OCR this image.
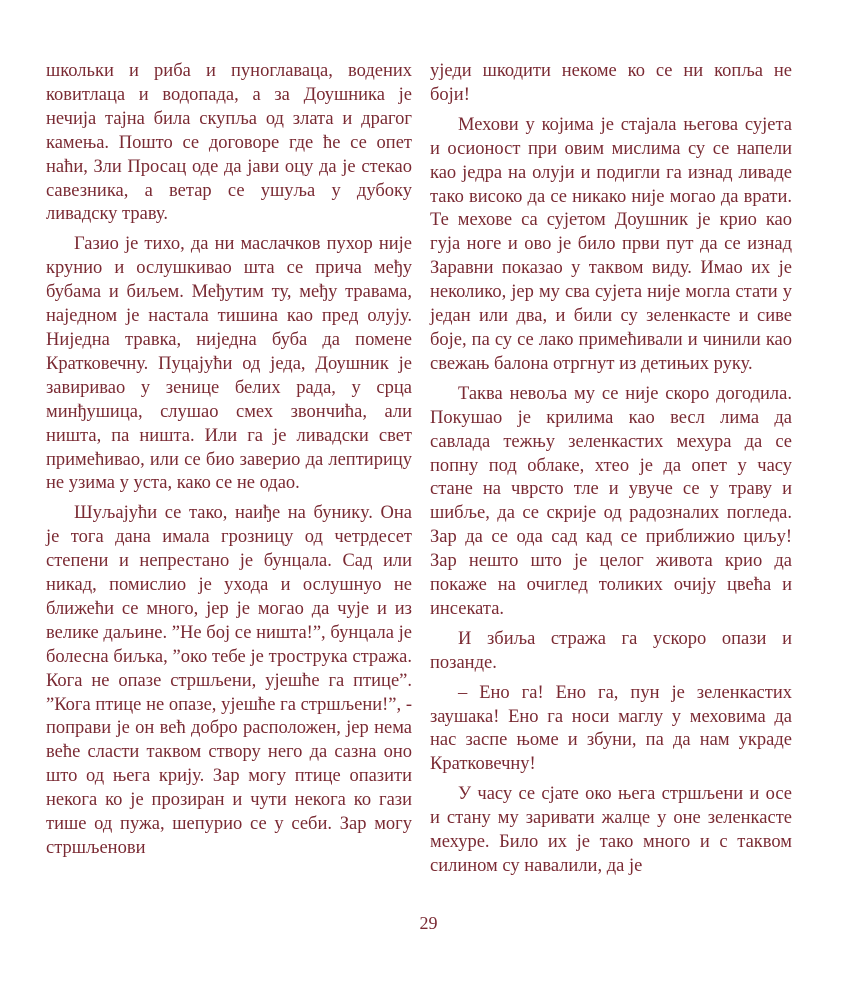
школьки и риба и пуноглаваца, водених ковитлаца и водопада, а за Доушника је нечија тајна била скупља од злата и драгог камења. Пошто се договоре где ће се опет наћи, Зли Просац оде да јави оцу да је стекао савезника, а ветар се ушуља у дубоку ливадску траву.

Газио је тихо, да ни маслачков пухор није крунио и ослушкивао шта се прича међу бубама и биљем. Међутим ту, међу травама, наједном је настала тишина као пред олују. Ниједна травка, ниједна буба да помене Кратковечну. Пуцајући од једа, Доушник је завиривао у зенице белих рада, у срца минђушица, слушао смех звончића, али ништа, па ништа. Или га је ливадски свет примећивао, или се био заверио да лептирицу не узима у уста, како се не одао.

Шуљајући се тако, наиђе на буникy. Она је тога дана имала грозницу од четрдесет степени и непрестано је бунцала. Сад или никад, помислио је ухода и ослушнуо не ближећи се много, јер је могао да чује и из велике даљине. ”Не бој се ништа!”, бунцала је болесна биљка, ”око тебе је трострука стража. Кога не опазе стршљени, ујешће га птице”. ”Кога птице не опазе, ујешће га стршљени!”, - поправи је он већ добро расположен, јер нема веће сласти таквом створу него да сазна оно што од њега крију. Зар могу птице опазити некога ко је прозиран и чути некога ко гази тише од пужа, шепурио се у себи. Зар могу стршљенови

уједи шкодити некоме ко се ни копља не боји!

Мехови у којима је стајала његова сујета и осионост при овим мислима су се напели као једра на олуји и подигли га изнад ливаде тако високо да се никако није могао да врати. Те мехове са сујетом Доушник је крио као гуја ноге и ово је било први пут да се изнад Заравни показао у таквом виду. Имао их је неколико, јер му сва сујета није могла стати у један или два, и били су зеленкасте и сиве боје, па су се лако примећивали и чинили као свежањ балона отргнут из детињих руку.

Таква невоља му се није скоро догодила. Покушао је крилима као весл лима да савлада тежњу зеленкастих мехура да се попну под облаке, хтео је да опет у часу стане на чврсто тле и увуче се у траву и шибље, да се скрије од радозналих погледа. Зар да се ода сад кад се приближио циљу! Зар нешто што је целог живота крио да покаже на очиглед толиких очију цвећа и инсеката.

И збиља стража га ускоро опази и позанде.

– Ено га! Ено га, пун је зеленкастих заушака! Ено га носи маглу у меховима да нас заспе њоме и збуни, па да нам украде Кратковечну!

У часу се сјате око њега стршљени и осе и стану му заривати жалце у оне зеленкасте мехуре. Било их је тако много и с таквом силином су навалили, да је

29
